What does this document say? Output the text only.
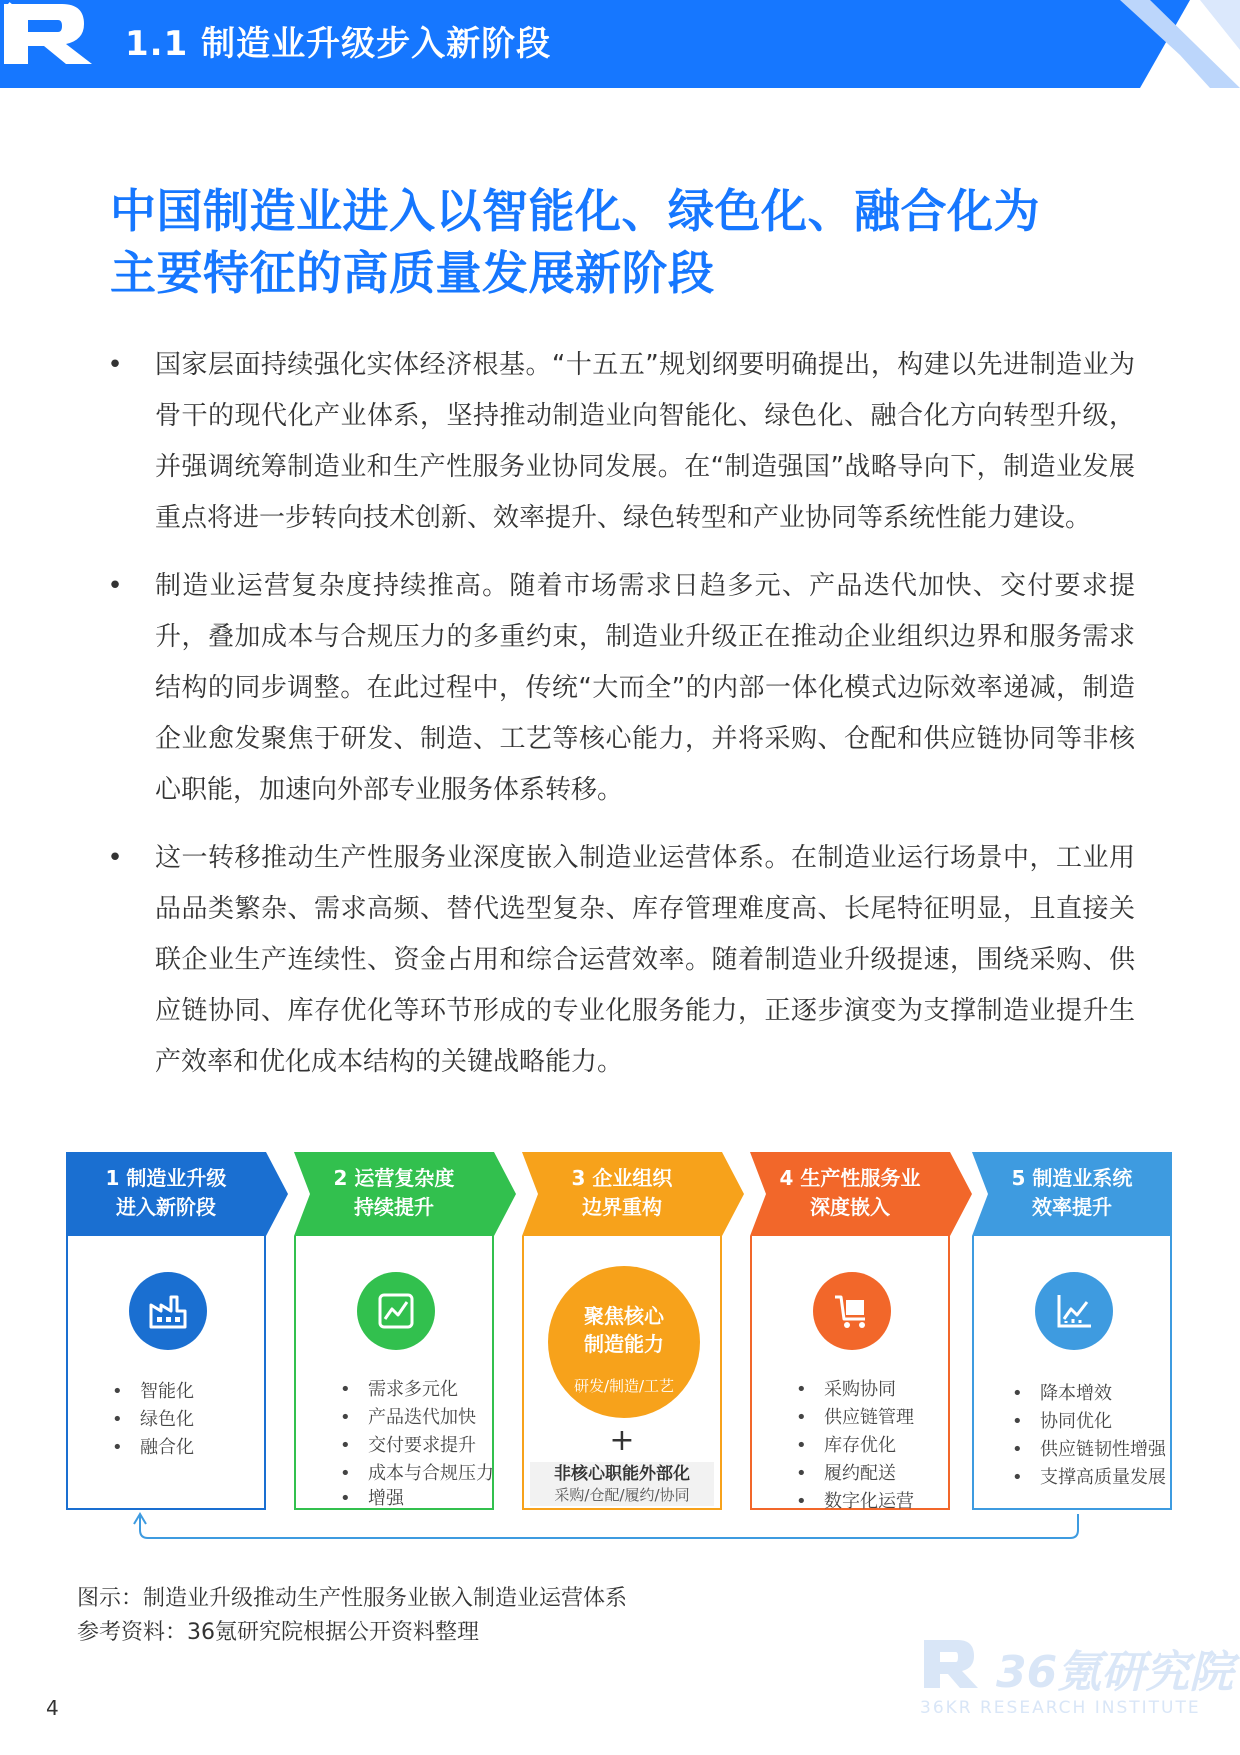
1.1 制造业升级步入新阶段
中国制造业进入以智能化、绿色化、融合化为
主要特征的高质量发展新阶段
• 国家层面持续强化实体经济根基。“十五五”规划纲要明确提出，构建以先进制造业为骨干的现代化产业体系，坚持推动制造业向智能化、绿色化、融合化方向转型升级，并强调统筹制造业和生产性服务业协同发展。在“制造强国”战略导向下，制造业发展重点将进一步转向技术创新、效率提升、绿色转型和产业协同等系统性能力建设。
• 制造业运营复杂度持续推高。随着市场需求日趋多元、产品迭代加快、交付要求提升，叠加成本与合规压力的多重约束，制造业升级正在推动企业组织边界和服务需求结构的同步调整。在此过程中，传统“大而全”的内部一体化模式边际效率递减，制造企业愈发聚焦于研发、制造、工艺等核心能力，并将采购、仓配和供应链协同等非核心职能，加速向外部专业服务体系转移。
• 这一转移推动生产性服务业深度嵌入制造业运营体系。在制造业运行场景中，工业用品品类繁杂、需求高频、替代选型复杂、库存管理难度高、长尾特征明显，且直接关联企业生产连续性、资金占用和综合运营效率。随着制造业升级提速，围绕采购、供应链协同、库存优化等环节形成的专业化服务能力，正逐步演变为支撑制造业提升生产效率和优化成本结构的关键战略能力。
1 制造业升级
进入新阶段
• 智能化
• 绿色化
• 融合化
2 运营复杂度
持续提升
• 需求多元化
• 产品迭代加快
• 交付要求提升
• 成本与合规压力
• 增强
3 企业组织
边界重构
聚焦核心
制造能力
研发/制造/工艺
+
非核心职能外部化
采购/仓配/履约/协同
4 生产性服务业
深度嵌入
• 采购协同
• 供应链管理
• 库存优化
• 履约配送
• 数字化运营
5 制造业系统
效率提升
• 降本增效
• 协同优化
• 供应链韧性增强
• 支撑高质量发展
图示：制造业升级推动生产性服务业嵌入制造业运营体系
参考资料：36氪研究院根据公开资料整理
4
36氪研究院
36KR RESEARCH INSTITUTE
